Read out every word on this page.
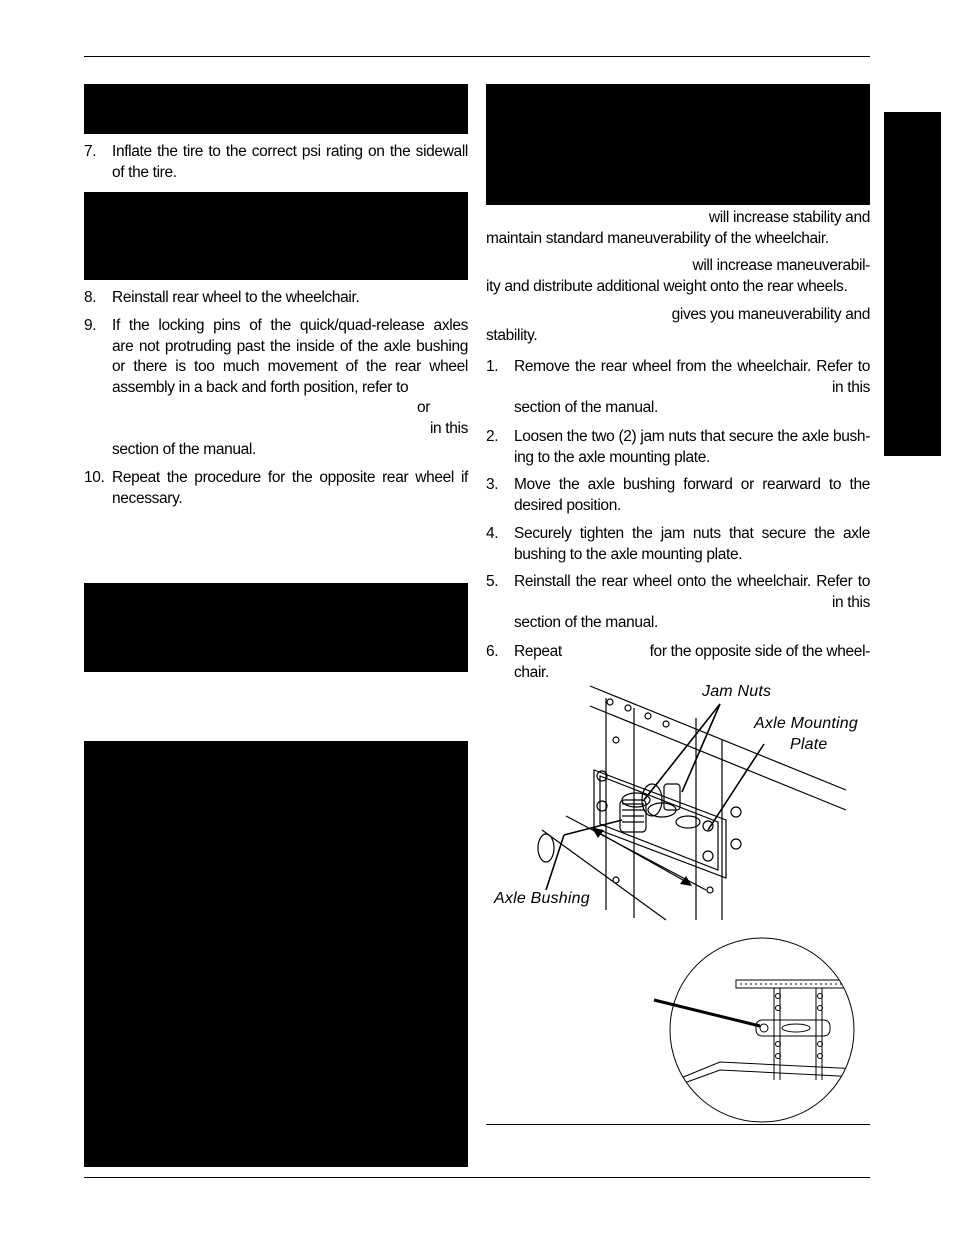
7. Inflate the tire to the correct psi rating on the sidewall of the tire.
8. Reinstall rear wheel to the wheelchair.
9. If the locking pins of the quick/quad-release axles
are not protruding past the inside of the axle bushing
or there is too much movement of the rear wheel
assembly in a back and forth position, refer to
or
in this
section of the manual.
10. Repeat the procedure for the opposite rear wheel if necessary.
will increase stability and
maintain standard maneuverability of the wheelchair.
will increase maneuverabil-
ity and distribute additional weight onto the rear wheels.
gives you maneuverability and
stability.
1. Remove the rear wheel from the wheelchair. Refer to
in this
section of the manual.
2. Loosen the two (2) jam nuts that secure the axle bush-
ing to the axle mounting plate.
3. Move the axle bushing forward or rearward to the
desired position.
4. Securely tighten the jam nuts that secure the axle
bushing to the axle mounting plate.
5. Reinstall the rear wheel onto the wheelchair. Refer to
in this
section of the manual.
6. Repeat	for the opposite side of the wheel-
chair.
Jam Nuts
Axle Mounting
Plate
Axle Bushing
